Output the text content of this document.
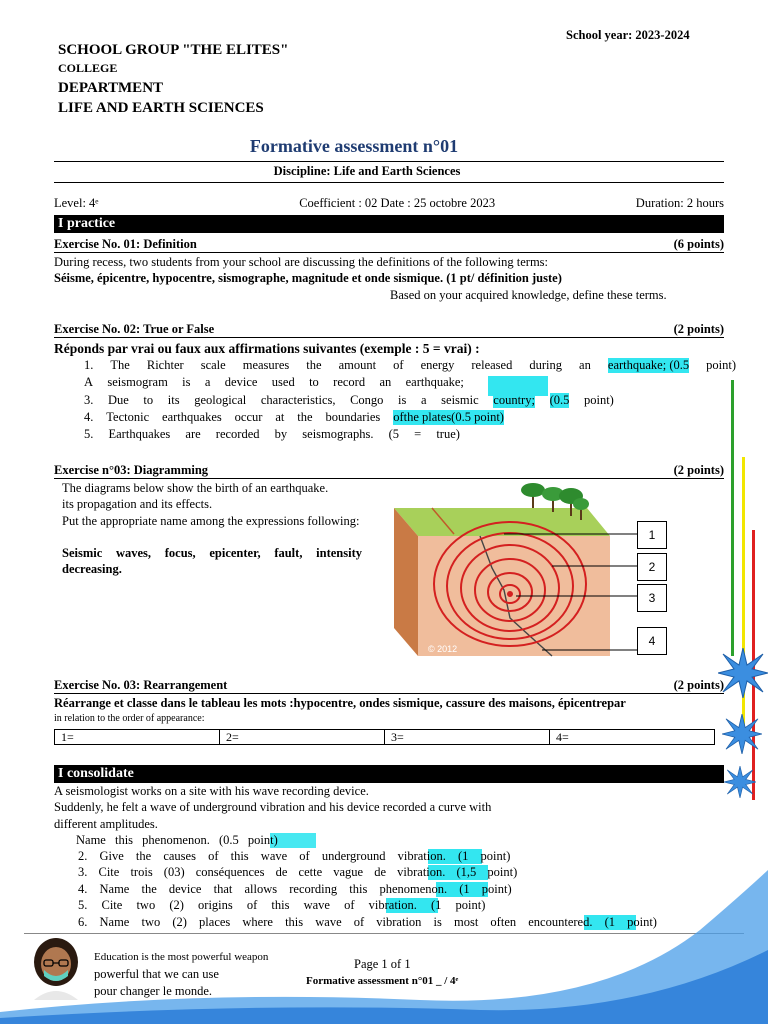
School year: 2023-2024
SCHOOL GROUP "THE ELITES"
COLLEGE
DEPARTMENT
LIFE AND EARTH SCIENCES
Formative assessment n°01
Discipline: Life and Earth Sciences
Level: 4ᵉ	Coefficient : 02 Date : 25 octobre 2023	Duration: 2 hours
I practice
Exercise No. 01: Definition	(6 points)
During recess, two students from your school are discussing the definitions of the following terms:
Séisme, épicentre, hypocentre, sismographe, magnitude et onde sismique. (1 pt/ définition juste)
Based on your acquired knowledge, define these terms.
Exercise No. 02: True or False	(2 points)
Réponds par vrai ou faux aux affirmations suivantes (exemple : 5 = vrai) :
1. The Richter scale measures the amount of energy released during an earthquake; (0.5 point)
A seismogram is a device used to record an earthquake;
3. Due to its geological characteristics, Congo is a seismic country; (0.5 point)
4. Tectonic earthquakes occur at the boundaries ofthe plates(0.5 point)
5. Earthquakes are recorded by seismographs. (5 = true)
Exercise n°03: Diagramming	(2 points)
The diagrams below show the birth of an earthquake.
its propagation and its effects.
Put the appropriate name among the expressions following:
Seismic waves, focus, epicenter, fault, intensity decreasing.
© 2012
1
2
3
4
Exercise No. 03: Rearrangement	(2 points)
Réarrange et classe dans le tableau les mots :hypocentre, ondes sismique, cassure des maisons, épicentrepar
in relation to the order of appearance:
1=	2=	3=	4=
I consolidate
A seismologist works on a site with his wave recording device.
Suddenly, he felt a wave of underground vibration and his device recorded a curve with
different amplitudes.
Name this phenomenon. (0.5 point)
2. Give the causes of this wave of underground vibration. (1 point)
3. Cite trois (03) conséquences de cette vague de vibration. (1,5 point)
4. Name the device that allows recording this phenomenon. (1 point)
5. Cite two (2) origins of this wave of vibration. (1 point)
6. Name two (2) places where this wave of vibration is most often encountered. (1 point)
Education is the most powerful weapon
powerful that we can use
pour changer le monde.
Page 1 of 1
Formative assessment n°01 _ / 4ᵉ
